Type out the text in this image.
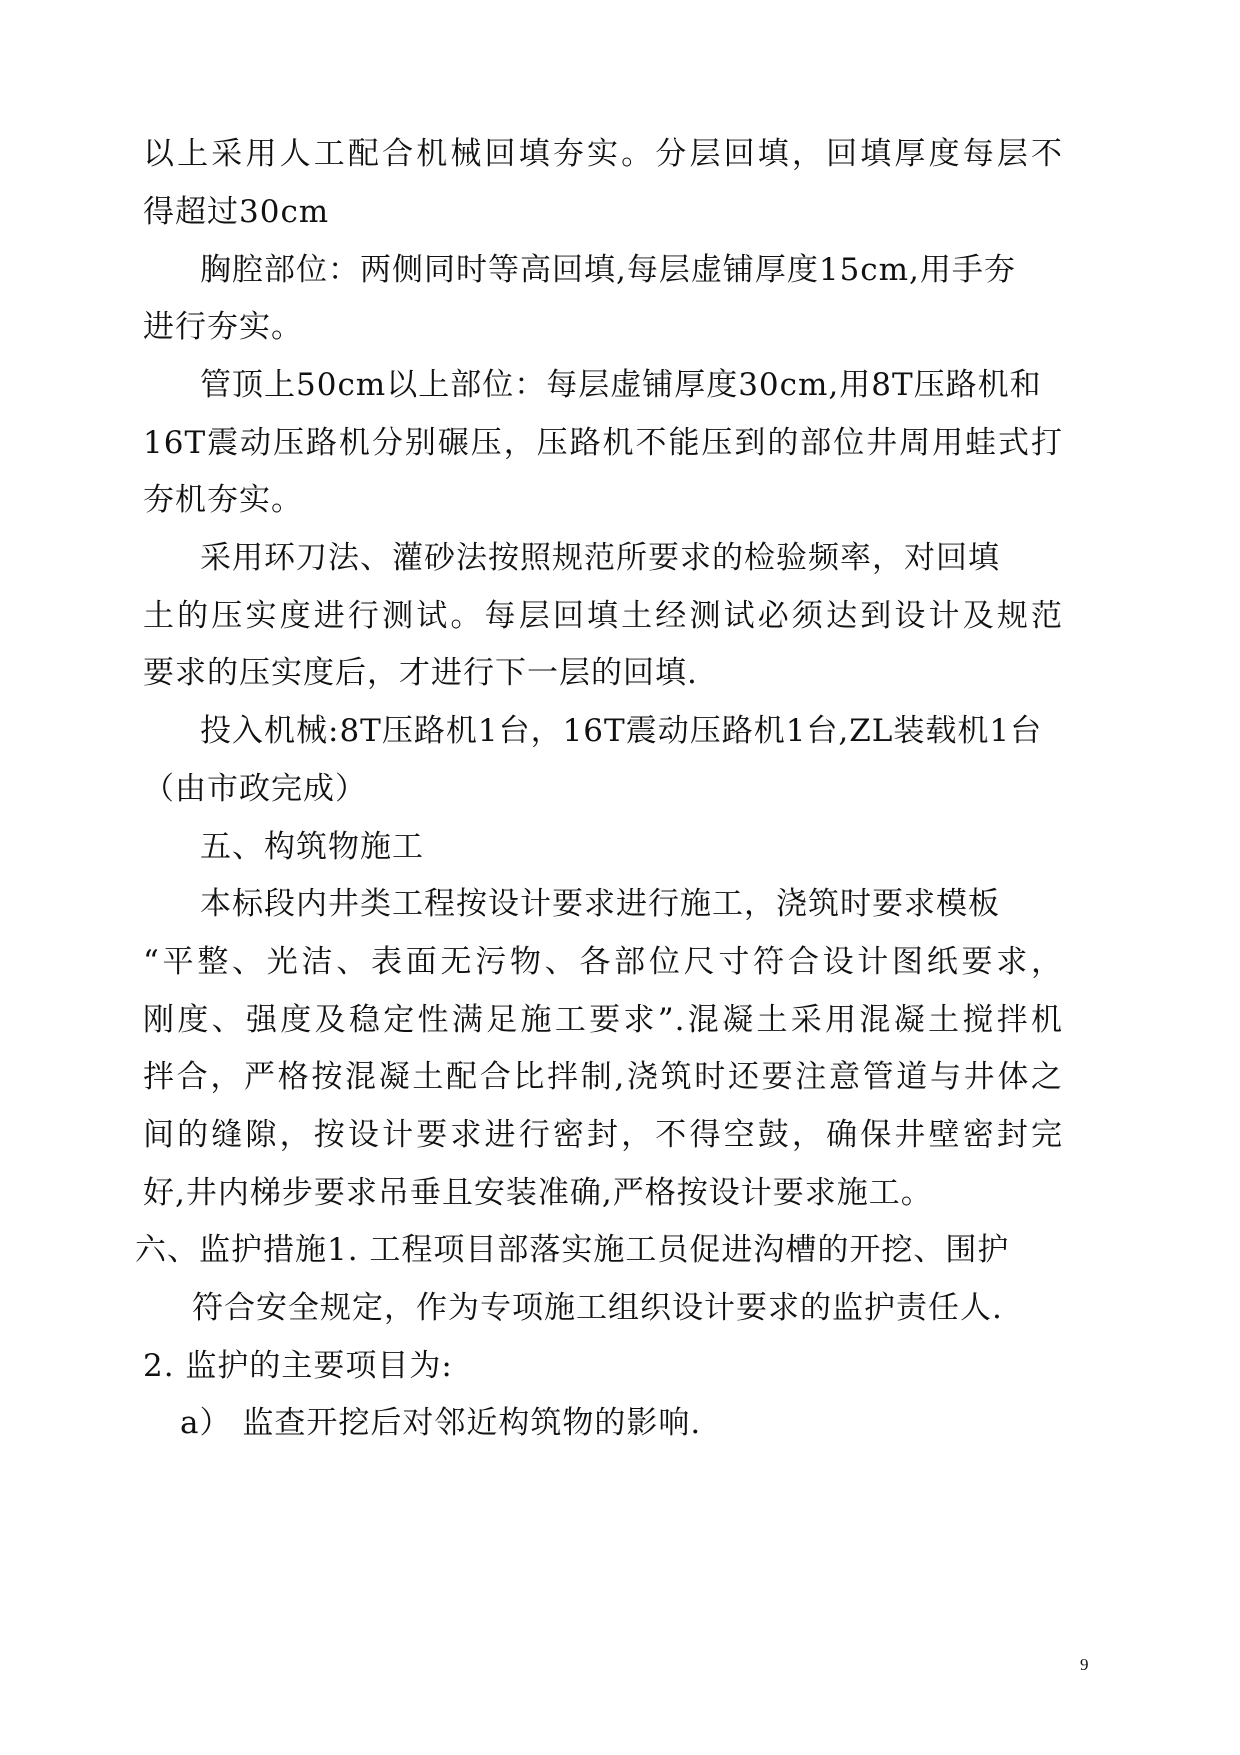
以上采用人工配合机械回填夯实。分层回填，回填厚度每层不
得超过30cm
胸腔部位：两侧同时等高回填,每层虚铺厚度15cm,用手夯
进行夯实。
管顶上50cm以上部位：每层虚铺厚度30cm,用8T压路机和
16T震动压路机分别碾压，压路机不能压到的部位井周用蛙式打
夯机夯实。
采用环刀法、灌砂法按照规范所要求的检验频率，对回填
土的压实度进行测试。每层回填土经测试必须达到设计及规范
要求的压实度后，才进行下一层的回填.
投入机械:8T压路机1台，16T震动压路机1台,ZL装载机1台
（由市政完成）
五、构筑物施工
本标段内井类工程按设计要求进行施工，浇筑时要求模板
“平整、光洁、表面无污物、各部位尺寸符合设计图纸要求，
刚度、强度及稳定性满足施工要求”.混凝土采用混凝土搅拌机
拌合，严格按混凝土配合比拌制,浇筑时还要注意管道与井体之
间的缝隙，按设计要求进行密封，不得空鼓，确保井壁密封完
好,井内梯步要求吊垂且安装准确,严格按设计要求施工。
六、监护措施1. 工程项目部落实施工员促进沟槽的开挖、围护
符合安全规定，作为专项施工组织设计要求的监护责任人.
2. 监护的主要项目为:
a） 监查开挖后对邻近构筑物的影响.
9
